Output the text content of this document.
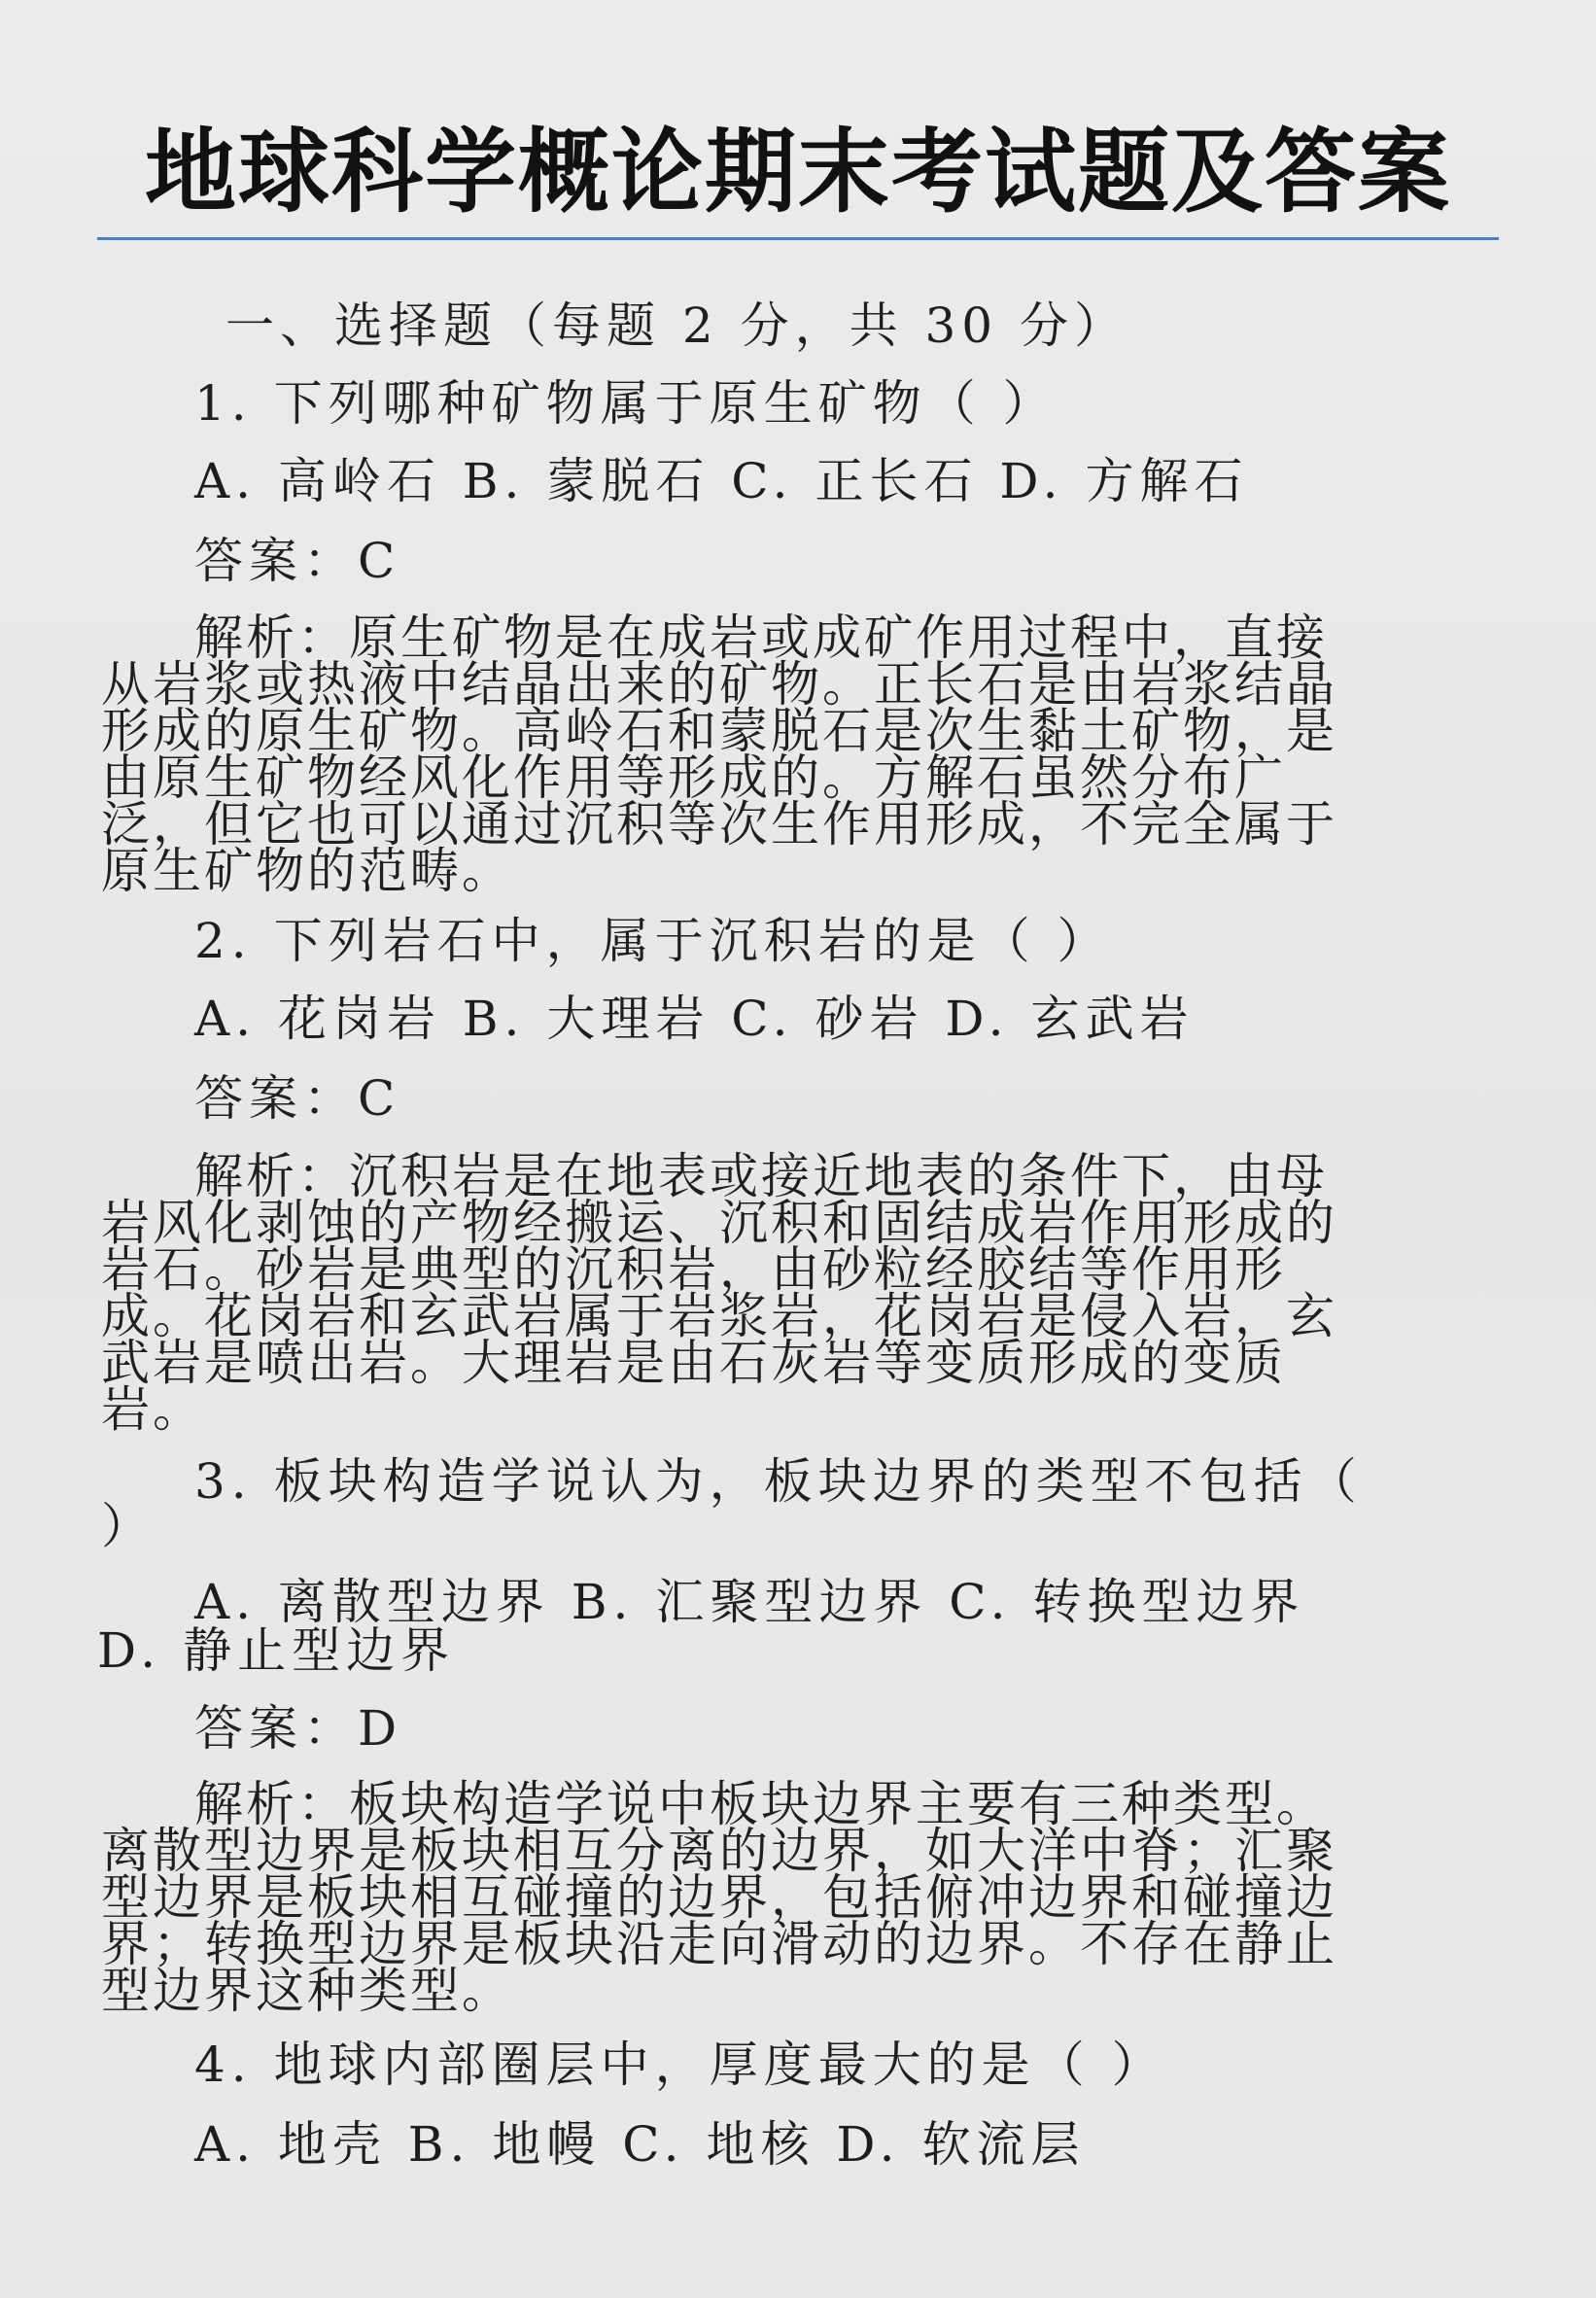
地球科学概论期末考试题及答案
一、选择题（每题 2 分，共 30 分）
1. 下列哪种矿物属于原生矿物（ ）
A. 高岭石 B. 蒙脱石 C. 正长石 D. 方解石
答案：C
解析：原生矿物是在成岩或成矿作用过程中，直接
从岩浆或热液中结晶出来的矿物。正长石是由岩浆结晶
形成的原生矿物。高岭石和蒙脱石是次生黏土矿物，是
由原生矿物经风化作用等形成的。方解石虽然分布广
泛，但它也可以通过沉积等次生作用形成，不完全属于
原生矿物的范畴。
2. 下列岩石中，属于沉积岩的是（ ）
A. 花岗岩 B. 大理岩 C. 砂岩 D. 玄武岩
答案：C
解析：沉积岩是在地表或接近地表的条件下，由母
岩风化剥蚀的产物经搬运、沉积和固结成岩作用形成的
岩石。砂岩是典型的沉积岩，由砂粒经胶结等作用形
成。花岗岩和玄武岩属于岩浆岩，花岗岩是侵入岩，玄
武岩是喷出岩。大理岩是由石灰岩等变质形成的变质
岩。
3. 板块构造学说认为，板块边界的类型不包括（
）
A. 离散型边界 B. 汇聚型边界 C. 转换型边界
D. 静止型边界
答案：D
解析：板块构造学说中板块边界主要有三种类型。
离散型边界是板块相互分离的边界，如大洋中脊；汇聚
型边界是板块相互碰撞的边界，包括俯冲边界和碰撞边
界；转换型边界是板块沿走向滑动的边界。不存在静止
型边界这种类型。
4. 地球内部圈层中，厚度最大的是（ ）
A. 地壳 B. 地幔 C. 地核 D. 软流层
